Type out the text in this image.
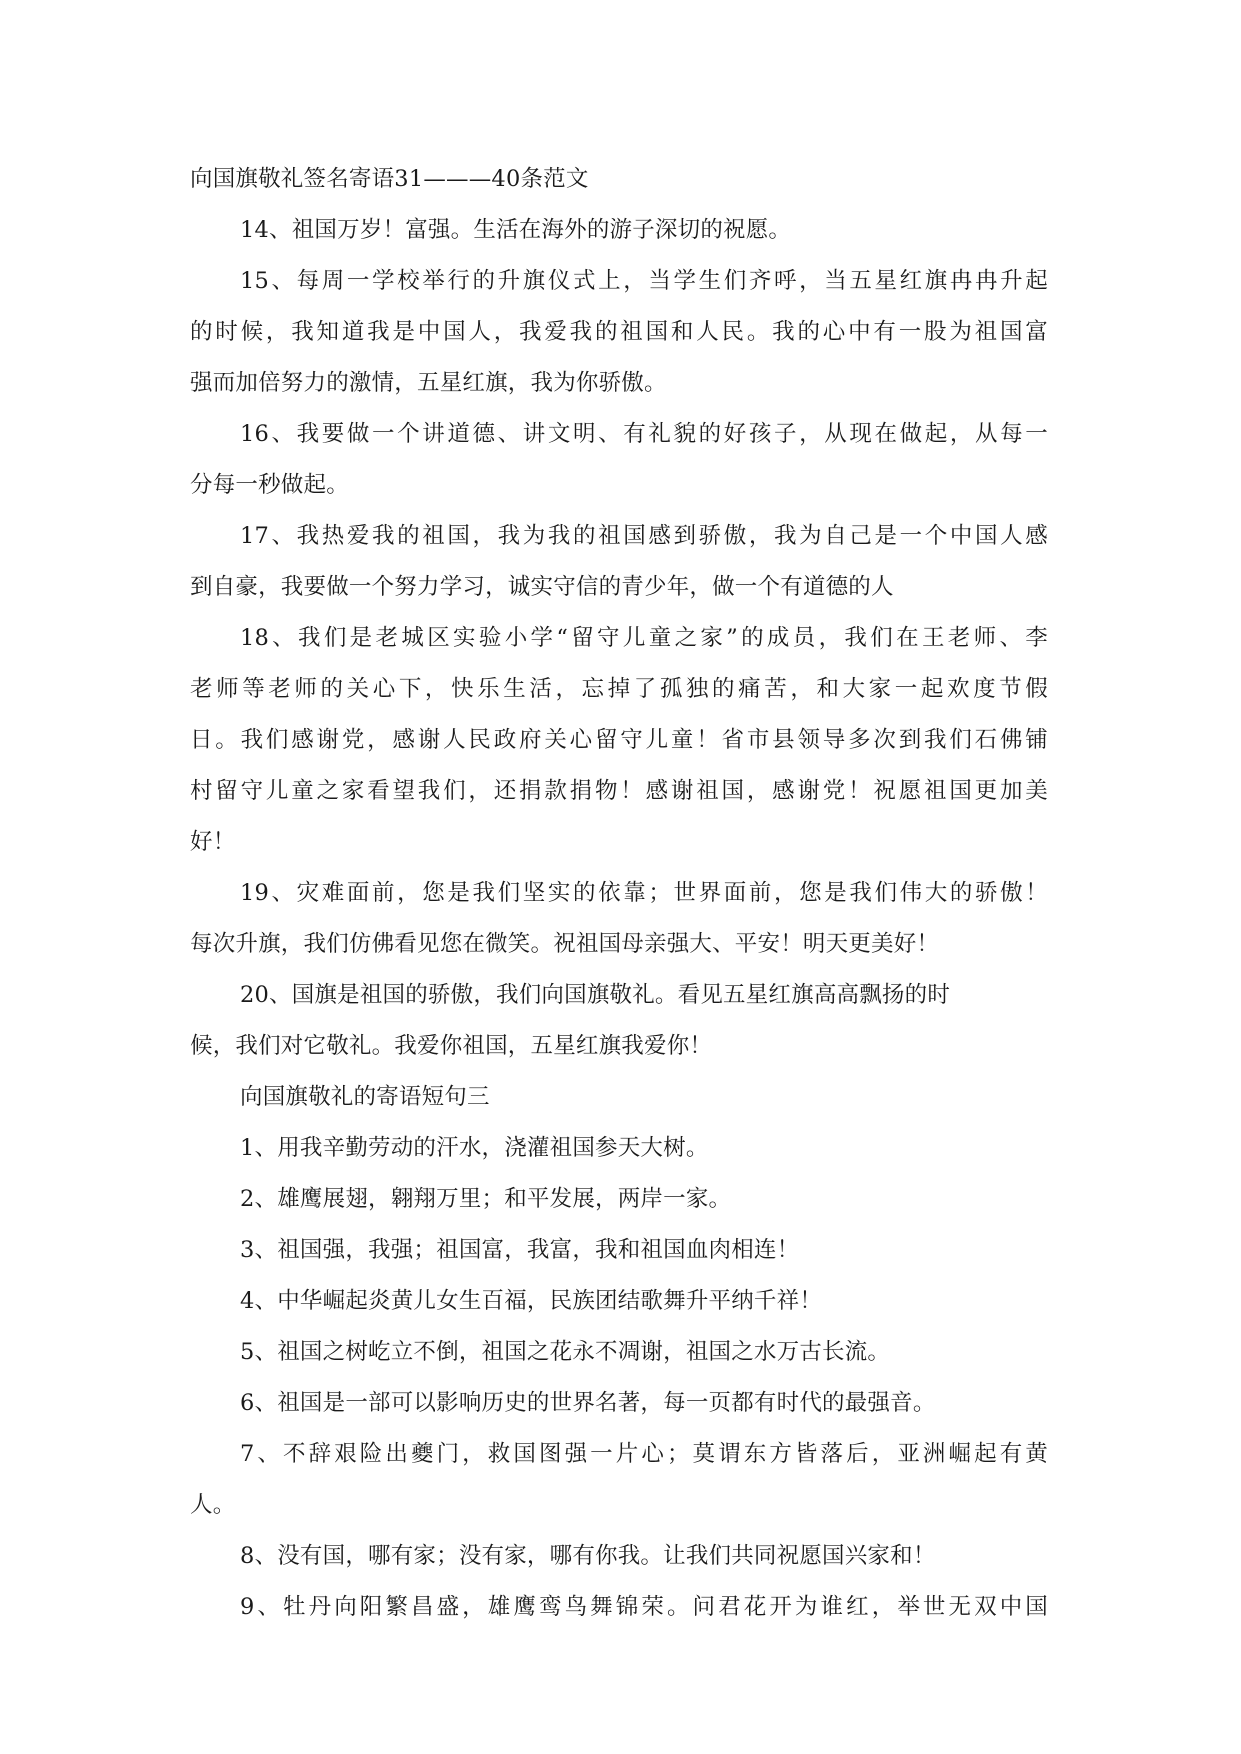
向国旗敬礼签名寄语31———40条范文
14、祖国万岁！富强。生活在海外的游子深切的祝愿。
15、每周一学校举行的升旗仪式上，当学生们齐呼，当五星红旗冉冉升起
的时候，我知道我是中国人，我爱我的祖国和人民。我的心中有一股为祖国富
强而加倍努力的激情，五星红旗，我为你骄傲。
16、我要做一个讲道德、讲文明、有礼貌的好孩子，从现在做起，从每一
分每一秒做起。
17、我热爱我的祖国，我为我的祖国感到骄傲，我为自己是一个中国人感
到自豪，我要做一个努力学习，诚实守信的青少年，做一个有道德的人
18、我们是老城区实验小学“留守儿童之家”的成员，我们在王老师、李
老师等老师的关心下，快乐生活，忘掉了孤独的痛苦，和大家一起欢度节假
日。我们感谢党，感谢人民政府关心留守儿童！省市县领导多次到我们石佛铺
村留守儿童之家看望我们，还捐款捐物！感谢祖国，感谢党！祝愿祖国更加美
好！
19、灾难面前，您是我们坚实的依靠；世界面前，您是我们伟大的骄傲！
每次升旗，我们仿佛看见您在微笑。祝祖国母亲强大、平安！明天更美好！
20、国旗是祖国的骄傲，我们向国旗敬礼。看见五星红旗高高飘扬的时
候，我们对它敬礼。我爱你祖国，五星红旗我爱你！
向国旗敬礼的寄语短句三
1、用我辛勤劳动的汗水，浇灌祖国参天大树。
2、雄鹰展翅，翱翔万里；和平发展，两岸一家。
3、祖国强，我强；祖国富，我富，我和祖国血肉相连！
4、中华崛起炎黄儿女生百福，民族团结歌舞升平纳千祥！
5、祖国之树屹立不倒，祖国之花永不凋谢，祖国之水万古长流。
6、祖国是一部可以影响历史的世界名著，每一页都有时代的最强音。
7、不辞艰险出夔门，救国图强一片心；莫谓东方皆落后，亚洲崛起有黄
人。
8、没有国，哪有家；没有家，哪有你我。让我们共同祝愿国兴家和！
9、牡丹向阳繁昌盛，雄鹰鸾鸟舞锦荣。问君花开为谁红，举世无双中国
